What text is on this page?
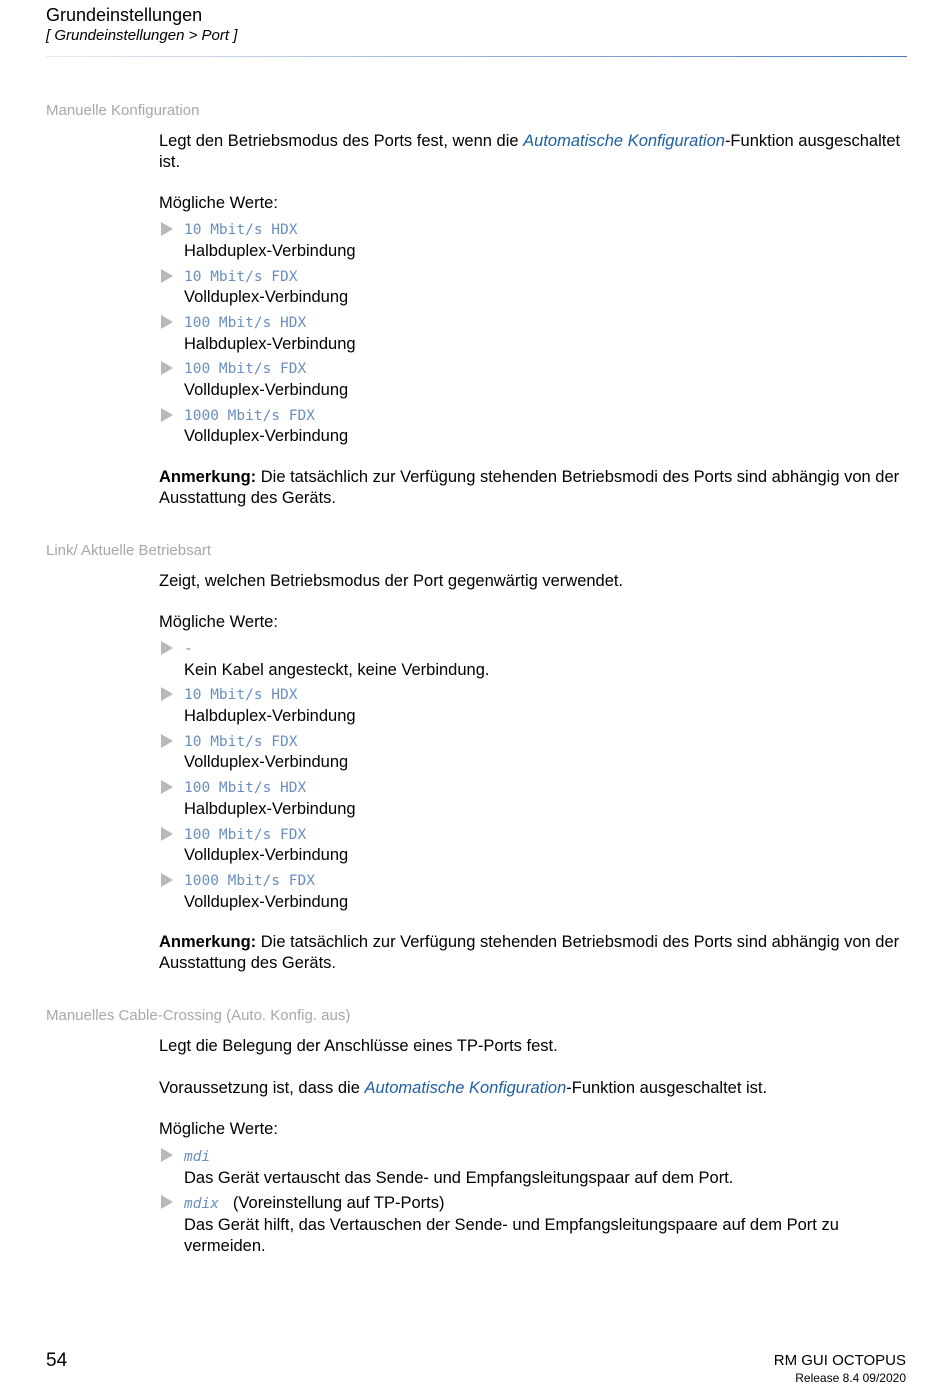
Grundeinstellungen
[ Grundeinstellungen > Port ]
Manuelle Konfiguration

Legt den Betriebsmodus des Ports fest, wenn die Automatische Konfiguration-Funktion ausgeschaltet ist.

Mögliche Werte:
10 Mbit/s HDX
Halbduplex-Verbindung
10 Mbit/s FDX
Vollduplex-Verbindung
100 Mbit/s HDX
Halbduplex-Verbindung
100 Mbit/s FDX
Vollduplex-Verbindung
1000 Mbit/s FDX
Vollduplex-Verbindung
Anmerkung: Die tatsächlich zur Verfügung stehenden Betriebsmodi des Ports sind abhängig von der Ausstattung des Geräts.
Link/ Aktuelle Betriebsart

Zeigt, welchen Betriebsmodus der Port gegenwärtig verwendet.

Mögliche Werte:
-
Kein Kabel angesteckt, keine Verbindung.
10 Mbit/s HDX
Halbduplex-Verbindung
10 Mbit/s FDX
Vollduplex-Verbindung
100 Mbit/s HDX
Halbduplex-Verbindung
100 Mbit/s FDX
Vollduplex-Verbindung
1000 Mbit/s FDX
Vollduplex-Verbindung
Anmerkung: Die tatsächlich zur Verfügung stehenden Betriebsmodi des Ports sind abhängig von der Ausstattung des Geräts.
Manuelles Cable-Crossing (Auto. Konfig. aus)

Legt die Belegung der Anschlüsse eines TP-Ports fest.

Voraussetzung ist, dass die Automatische Konfiguration-Funktion ausgeschaltet ist.

Mögliche Werte:
mdi
Das Gerät vertauscht das Sende- und Empfangsleitungspaar auf dem Port.
mdix (Voreinstellung auf TP-Ports)
Das Gerät hilft, das Vertauschen der Sende- und Empfangsleitungspaare auf dem Port zu vermeiden.
54	RM GUI OCTOPUS
Release 8.4 09/2020
